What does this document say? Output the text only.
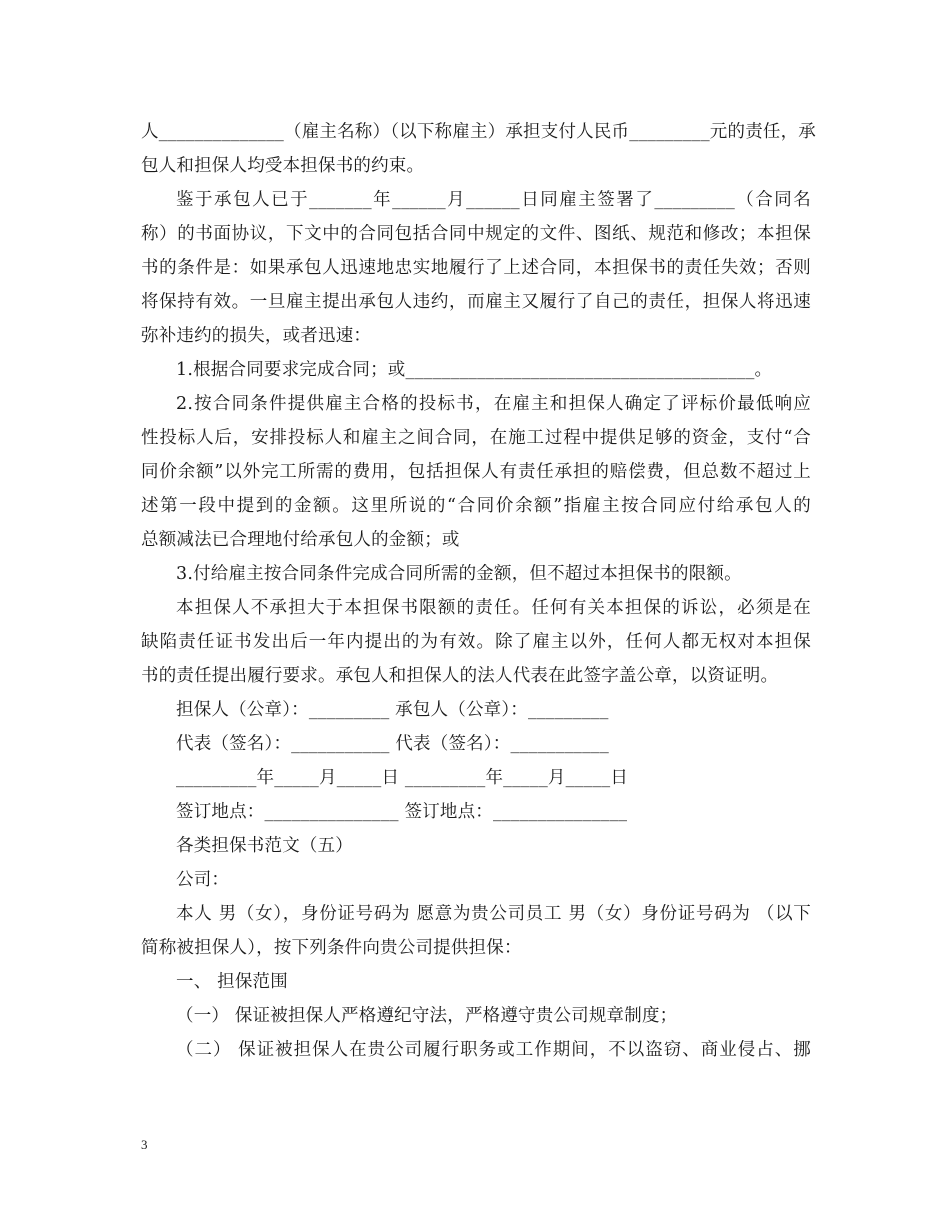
人______________（雇主名称）（以下称雇主）承担支付人民币_________元的责任，承
包人和担保人均受本担保书的约束。
鉴于承包人已于_______年______月______日同雇主签署了_________（合同名
称）的书面协议，下文中的合同包括合同中规定的文件、图纸、规范和修改；本担保
书的条件是：如果承包人迅速地忠实地履行了上述合同，本担保书的责任失效；否则
将保持有效。一旦雇主提出承包人违约，而雇主又履行了自己的责任，担保人将迅速
弥补违约的损失，或者迅速：
1.根据合同要求完成合同；或_______________________________________。
2.按合同条件提供雇主合格的投标书，在雇主和担保人确定了评标价最低响应
性投标人后，安排投标人和雇主之间合同，在施工过程中提供足够的资金，支付“合
同价余额”以外完工所需的费用，包括担保人有责任承担的赔偿费，但总数不超过上
述第一段中提到的金额。这里所说的“合同价余额”指雇主按合同应付给承包人的
总额减法已合理地付给承包人的金额；或
3.付给雇主按合同条件完成合同所需的金额，但不超过本担保书的限额。
本担保人不承担大于本担保书限额的责任。任何有关本担保的诉讼，必须是在
缺陷责任证书发出后一年内提出的为有效。除了雇主以外，任何人都无权对本担保
书的责任提出履行要求。承包人和担保人的法人代表在此签字盖公章，以资证明。
担保人（公章）：_________ 承包人（公章）：_________
代表（签名）：___________ 代表（签名）：___________
_________年_____月_____日 _________年_____月_____日
签订地点：_______________ 签订地点：_______________
各类担保书范文（五）
公司：
本人 男（女），身份证号码为 愿意为贵公司员工 男（女）身份证号码为 （以下
简称被担保人），按下列条件向贵公司提供担保：
一、 担保范围
（一） 保证被担保人严格遵纪守法，严格遵守贵公司规章制度；
（二） 保证被担保人在贵公司履行职务或工作期间，不以盗窃、商业侵占、挪
3
